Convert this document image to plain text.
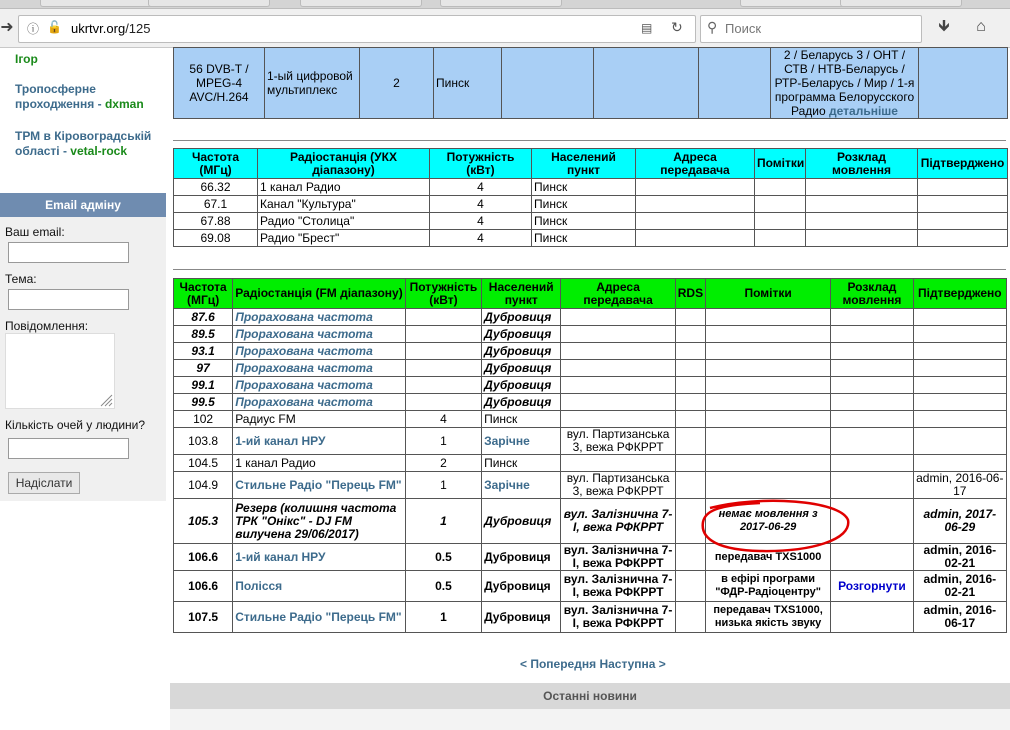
➜	ⓘ 🔓 ukrtvr.org/125	▤ ↻ ⚲ Поиск	🡻	⌂
Ігор
Тропосферне проходження - dxman
ТРМ в Кіровоградській області - vetal-rock
Email адміну
Ваш email:
Тема:
Повідомлення:
Кількість очей у людини?
Надіслати
56 DVB-T / MPEG-4 AVC/H.264	1-ый цифровой мультиплекс	2	Пинск				2 / Беларусь 3 / ОНТ / СТВ / НТВ-Беларусь / РТР-Беларусь / Мир / 1-я программа Белорусского Радио детальніше	
Частота (МГц)	Радіостанція (УКХ діапазону)	Потужність (кВт)	Населений пункт	Адреса передавача	Помітки	Розклад мовлення	Підтверджено
66.32	1 канал Радио	4	Пинск				
67.1	Канал "Культура"	4	Пинск				
67.88	Радио "Столица"	4	Пинск				
69.08	Радио "Брест"	4	Пинск				
Частота (МГц)	Радіостанція (FM діапазону)	Потужність (кВт)	Населений пункт	Адреса передавача	RDS	Помітки	Розклад мовлення	Підтверджено
87.6	Прорахована частота		Дубровиця					
89.5	Прорахована частота		Дубровиця					
93.1	Прорахована частота		Дубровиця					
97	Прорахована частота		Дубровиця					
99.1	Прорахована частота		Дубровиця					
99.5	Прорахована частота		Дубровиця					
102	Радиус FM	4	Пинск					
103.8	1-ий канал НРУ	1	Зарічне	вул. Партизанська 3, вежа РФКРРТ				
104.5	1 канал Радио	2	Пинск					
104.9	Стильне Радіо "Перець FM"	1	Зарічне	вул. Партизанська 3, вежа РФКРРТ				admin, 2016-06-17
105.3	Резерв (колишня частота ТРК "Онікс" - DJ FM вилучена 29/06/2017)	1	Дубровиця	вул. Залізнична 7-І, вежа РФКРРТ		немає мовлення з 2017-06-29		admin, 2017-06-29
106.6	1-ий канал НРУ	0.5	Дубровиця	вул. Залізнична 7-І, вежа РФКРРТ		передавач TXS1000		admin, 2016-02-21
106.6	Полісся	0.5	Дубровиця	вул. Залізнична 7-І, вежа РФКРРТ		в ефірі програми "ФДР-Радіоцентру"	Розгорнути	admin, 2016-02-21
107.5	Стильне Радіо "Перець FM"	1	Дубровиця	вул. Залізнична 7-І, вежа РФКРРТ		передавач TXS1000, низька якість звуку		admin, 2016-06-17
< Попередня Наступна >
Останні новини
